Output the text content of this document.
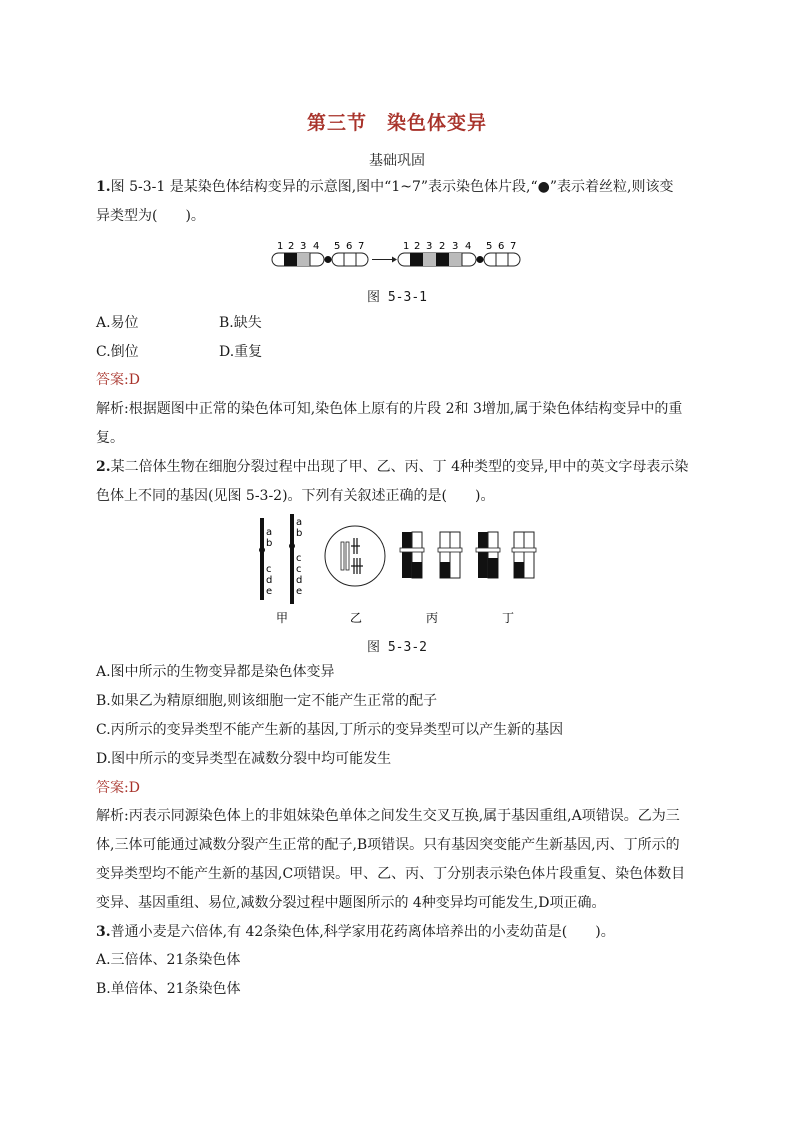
第三节　染色体变异
基础巩固
1.图 5-3-1 是某染色体结构变异的示意图,图中“1~7”表示染色体片段,“●”表示着丝粒,则该变
异类型为(　　)。
1 2 3 4 5 6 7	1 2 3 2 3 4 5 6 7
图 5-3-1
A.易位	B.缺失
C.倒位	D.重复
答案:D
解析:根据题图中正常的染色体可知,染色体上原有的片段 2和 3增加,属于染色体结构变异中的重
复。
2.某二倍体生物在细胞分裂过程中出现了甲、乙、丙、丁 4种类型的变异,甲中的英文字母表示染
色体上不同的基因(见图 5-3-2)。下列有关叙述正确的是(　　)。
a
b
c
d
e
a
b
c
c
d
e
甲	乙	丙	丁
图 5-3-2
A.图中所示的生物变异都是染色体变异
B.如果乙为精原细胞,则该细胞一定不能产生正常的配子
C.丙所示的变异类型不能产生新的基因,丁所示的变异类型可以产生新的基因
D.图中所示的变异类型在减数分裂中均可能发生
答案:D
解析:丙表示同源染色体上的非姐妹染色单体之间发生交叉互换,属于基因重组,A项错误。乙为三
体,三体可能通过减数分裂产生正常的配子,B项错误。只有基因突变能产生新基因,丙、丁所示的
变异类型均不能产生新的基因,C项错误。甲、乙、丙、丁分别表示染色体片段重复、染色体数目
变异、基因重组、易位,减数分裂过程中题图所示的 4种变异均可能发生,D项正确。
3.普通小麦是六倍体,有 42条染色体,科学家用花药离体培养出的小麦幼苗是(　　)。
A.三倍体、21条染色体
B.单倍体、21条染色体
